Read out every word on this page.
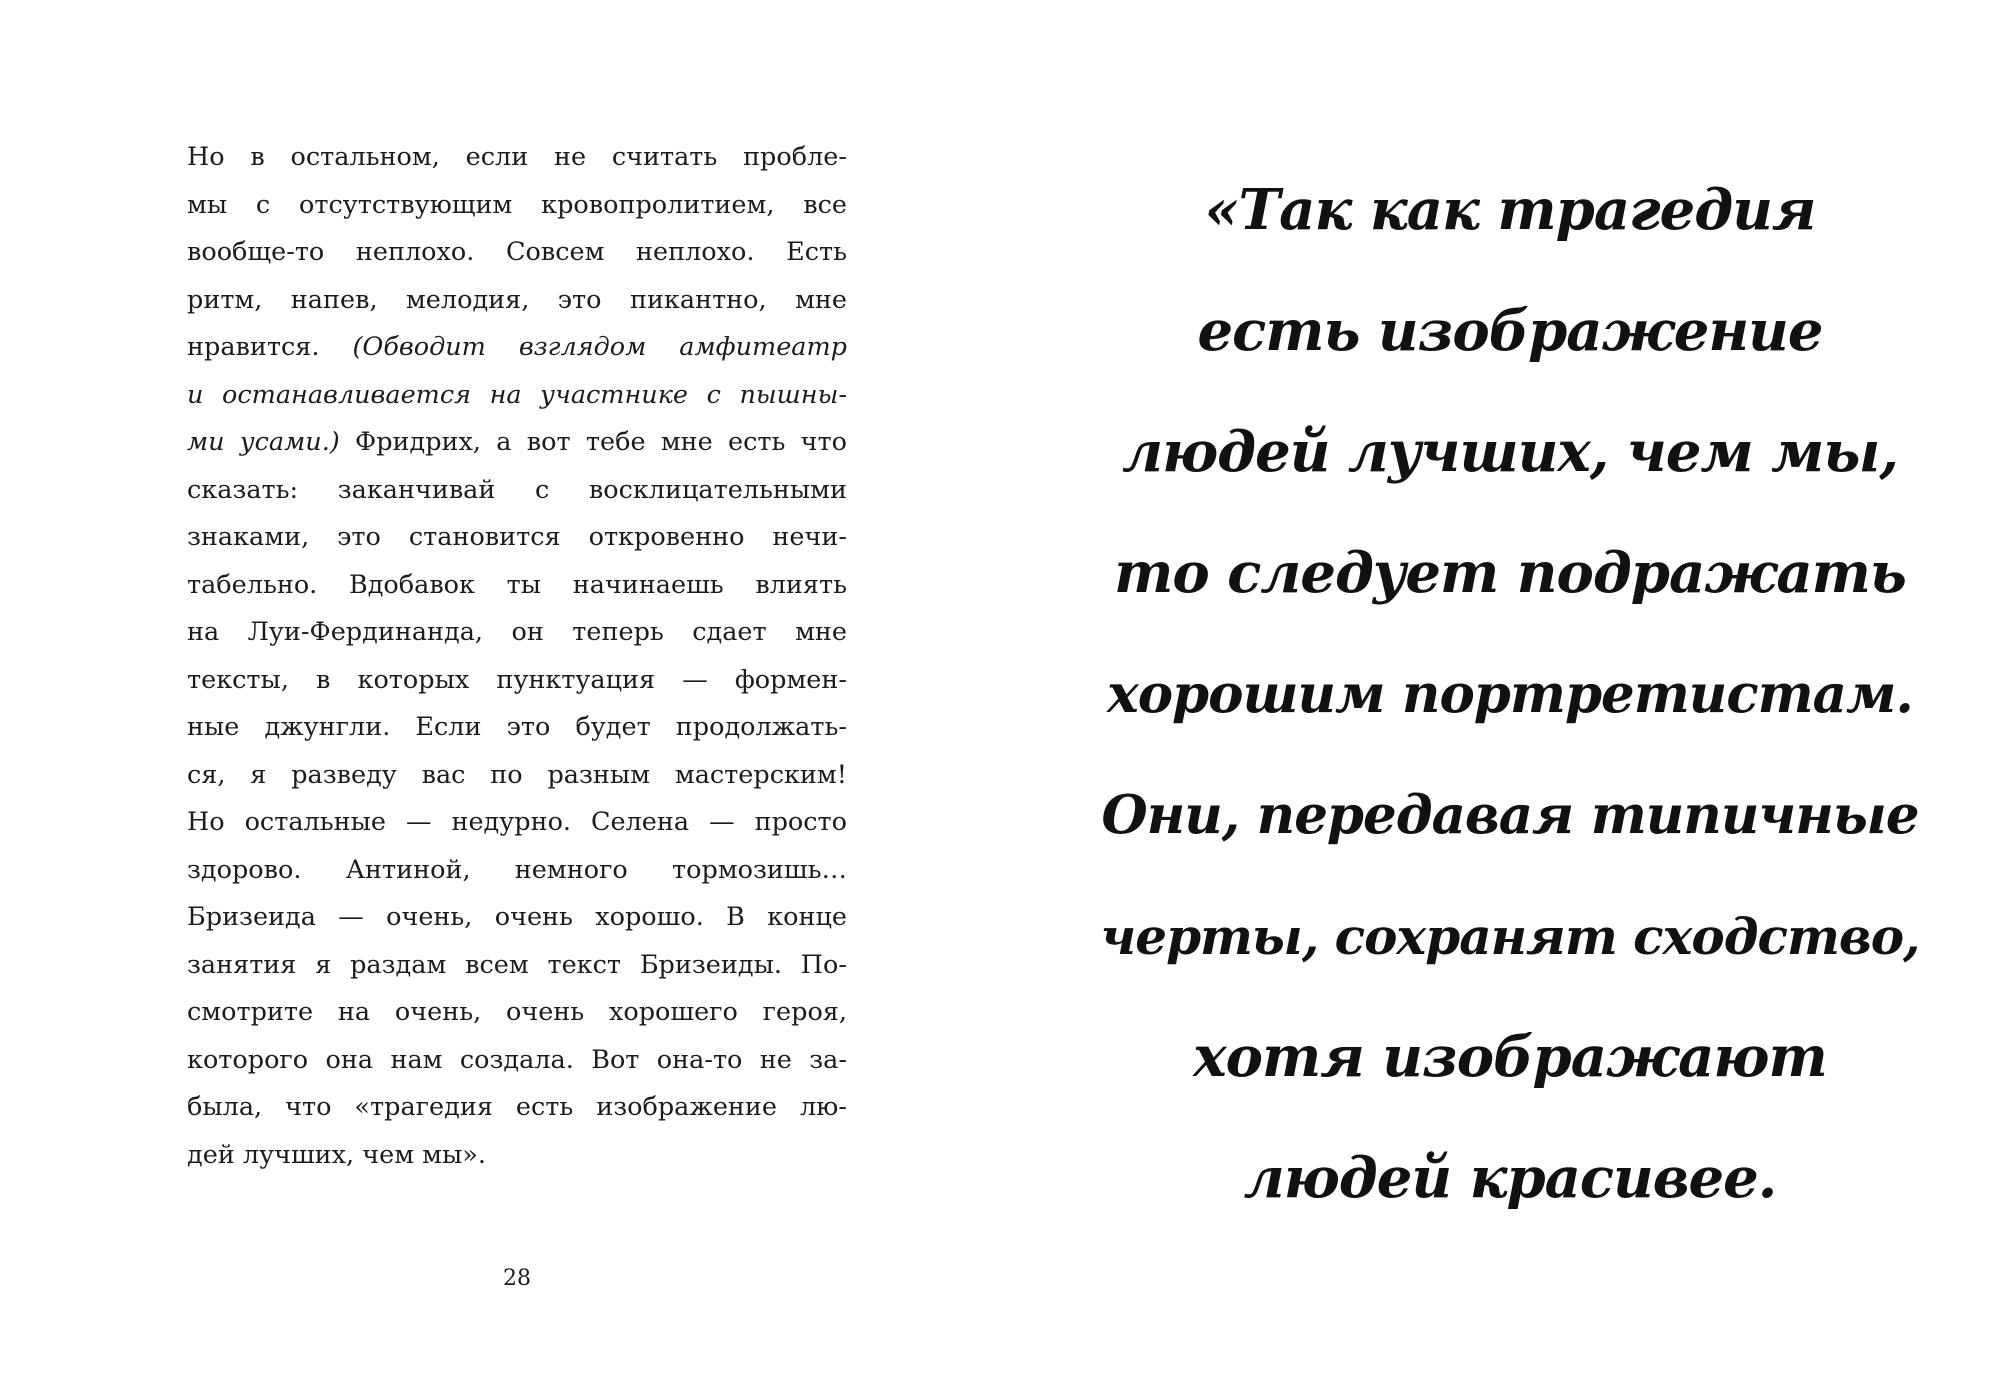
Но в остальном, если не считать пробле-
мы с отсутствующим кровопролитием, все
вообще-то неплохо. Совсем неплохо. Есть
ритм, напев, мелодия, это пикантно, мне
нравится. (Обводит взглядом амфитеатр
и останавливается на участнике с пышны-
ми усами.) Фридрих, а вот тебе мне есть что
сказать: заканчивай с восклицательными
знаками, это становится откровенно нечи-
табельно. Вдобавок ты начинаешь влиять
на Луи-Фердинанда, он теперь сдает мне
тексты, в которых пунктуация — формен-
ные джунгли. Если это будет продолжать-
ся, я разведу вас по разным мастерским!
Но остальные — недурно. Селена — просто
здорово. Антиной, немного тормозишь…
Бризеида — очень, очень хорошо. В конце
занятия я раздам всем текст Бризеиды. По-
смотрите на очень, очень хорошего героя,
которого она нам создала. Вот она-то не за-
была, что «трагедия есть изображение лю-
дей лучших, чем мы».
28
«Так как трагедия
есть изображение
людей лучших, чем мы,
то следует подражать
хорошим портретистам.
Они, передавая типичные
черты, сохранят сходство,
хотя изображают
людей красивее.
